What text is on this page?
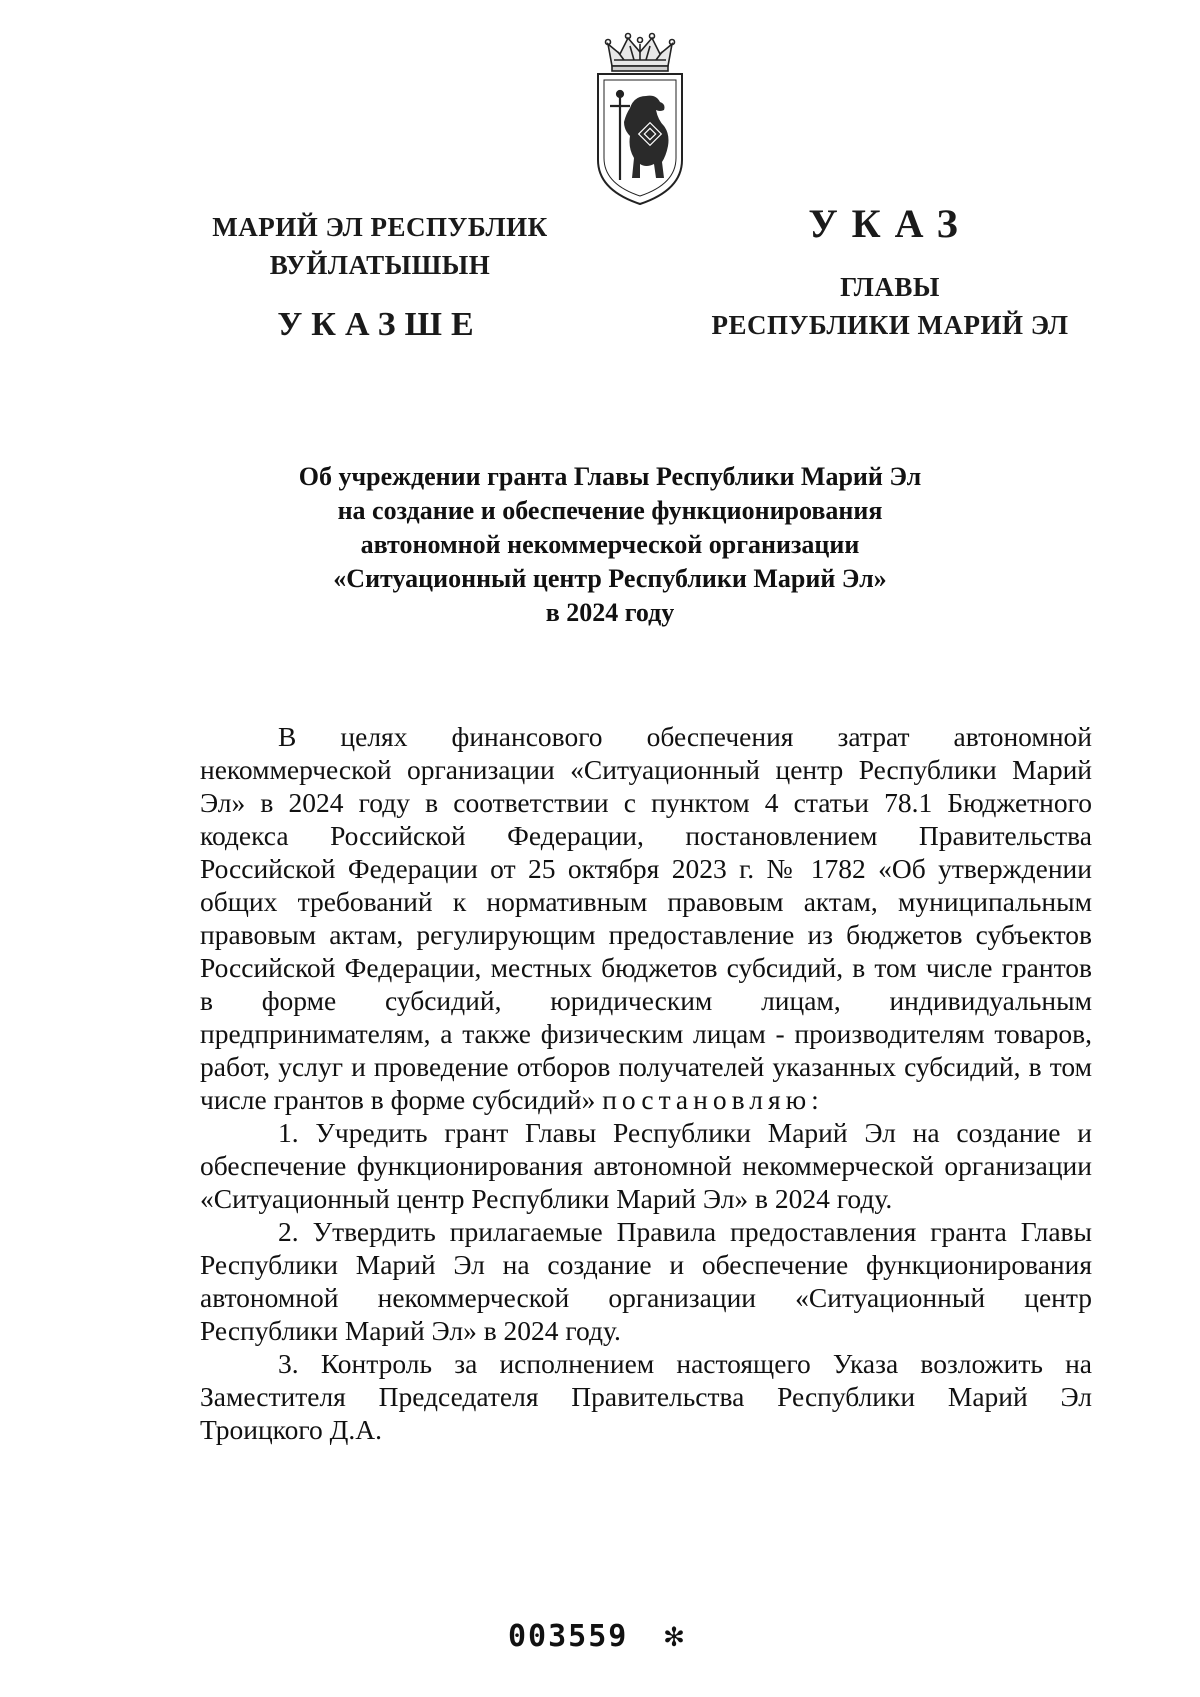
МАРИЙ ЭЛ РЕСПУБЛИК
ВУЙЛАТЫШЫН
УКАЗШЕ
УКАЗ
ГЛАВЫ
РЕСПУБЛИКИ МАРИЙ ЭЛ
Об учреждении гранта Главы Республики Марий Эл
на создание и обеспечение функционирования
автономной некоммерческой организации
«Ситуационный центр Республики Марий Эл»
в 2024 году

В целях финансового обеспечения затрат автономной некоммерческой организации «Ситуационный центр Республики Марий Эл» в 2024 году в соответствии с пунктом 4 статьи 78.1 Бюджетного кодекса Российской Федерации, постановлением Правительства Российской Федерации от 25 октября 2023 г. № 1782 «Об утверждении общих требований к нормативным правовым актам, муниципальным правовым актам, регулирующим предоставление из бюджетов субъектов Российской Федерации, местных бюджетов субсидий, в том числе грантов в форме субсидий, юридическим лицам, индивидуальным предпринимателям, а также физическим лицам - производителям товаров, работ, услуг и проведение отборов получателей указанных субсидий, в том числе грантов в форме субсидий» постановляю:

1. Учредить грант Главы Республики Марий Эл на создание и обеспечение функционирования автономной некоммерческой организации «Ситуационный центр Республики Марий Эл» в 2024 году.

2. Утвердить прилагаемые Правила предоставления гранта Главы Республики Марий Эл на создание и обеспечение функционирования автономной некоммерческой организации «Ситуационный центр Республики Марий Эл» в 2024 году.

3. Контроль за исполнением настоящего Указа возложить на Заместителя Председателя Правительства Республики Марий Эл Троицкого Д.А.

003559 ✻
